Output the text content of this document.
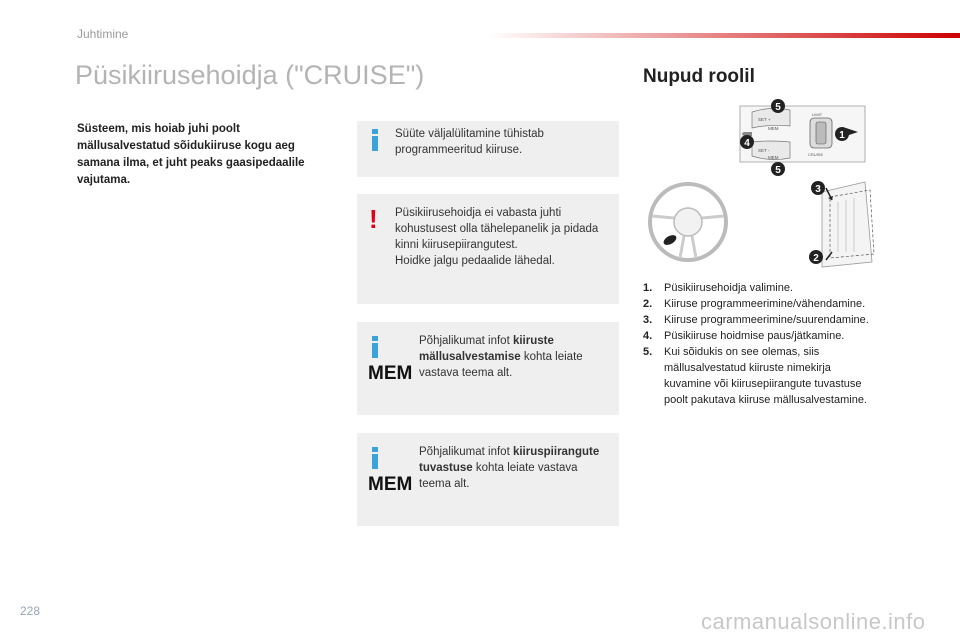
Juhtimine
Püsikiirusehoidja ("CRUISE")
Süsteem, mis hoiab juhi poolt
mällusalvestatud sõidukiiruse kogu aeg
samana ilma, et juht peaks gaasipedaalile
vajutama.
Süüte väljalülitamine tühistab
programmeeritud kiiruse.
! Püsikiirusehoidja ei vabasta juhti
kohustusest olla tähelepanelik ja pidada
kinni kiirusepiirangutest.
Hoidke jalgu pedaalide lähedal.
MEM
Põhjalikumat infot kiiruste
mällusalvestamise kohta leiate
vastava teema alt.
MEM
Põhjalikumat infot kiiruspiirangute
tuvastuse kohta leiate vastava
teema alt.
Nupud roolil
SET +
SET -
MEM
MEM
LIMIT
CRUISE
5
4
1
5
3
2
1. Püsikiirusehoidja valimine.
2. Kiiruse programmeerimine/vähendamine.
3. Kiiruse programmeerimine/suurendamine.
4. Püsikiiruse hoidmise paus/jätkamine.
5. Kui sõidukis on see olemas, siis
mällusalvestatud kiiruste nimekirja
kuvamine või kiirusepiirangute tuvastuse
poolt pakutava kiiruse mällusalvestamine.
228	carmanualsonline.info
